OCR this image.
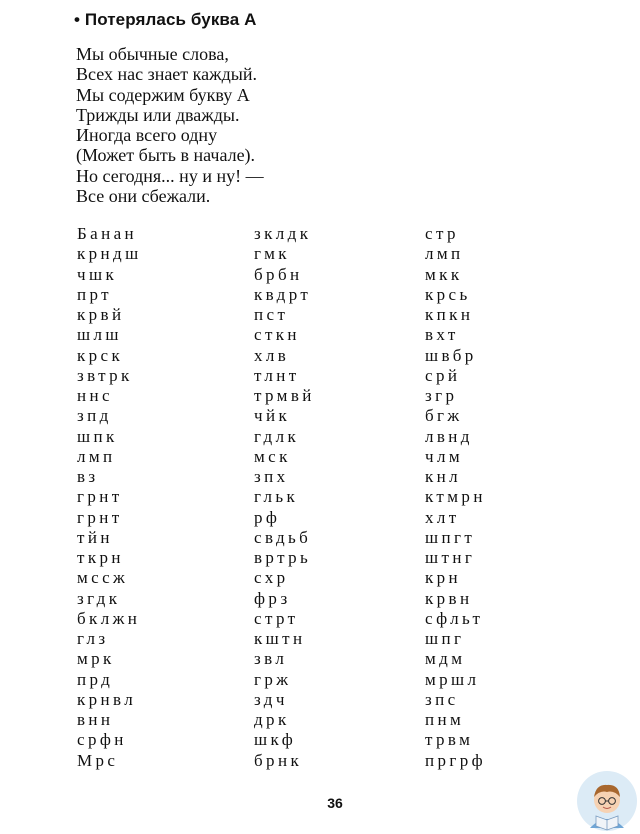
• Потерялась буква А
Мы обычные слова,
Всех нас знает каждый.
Мы содержим букву А
Трижды или дважды.
Иногда всего одну
(Может быть в начале).
Но сегодня... ну и ну! —
Все они сбежали.
Банан	зклдк	стр
крндш	гмк	лмп
чшк	брбн	мкк
прт	квдрт	крсь
крвй	пст	кпкн
шлш	сткн	вхт
крск	хлв	швбр
звтрк	тлнт	срй
ннс	трмвй	згр
зпд	чйк	бгж
шпк	гдлк	лвнд
лмп	мск	члм
вз	зпх	кнл
грнт	гльк	ктмрн
грнт	рф	хлт
тйн	свдьб	шпгт
ткрн	вртрь	штнг
мссж	схр	крн
згдк	фрз	крвн
бклжн	стрт	сфльт
глз	кштн	шпг
мрк	звл	мдм
прд	грж	мршл
крнвл	здч	зпс
внн	дрк	пнм
срфн	шкф	трвм
Мрс	брнк	пргрф
36
